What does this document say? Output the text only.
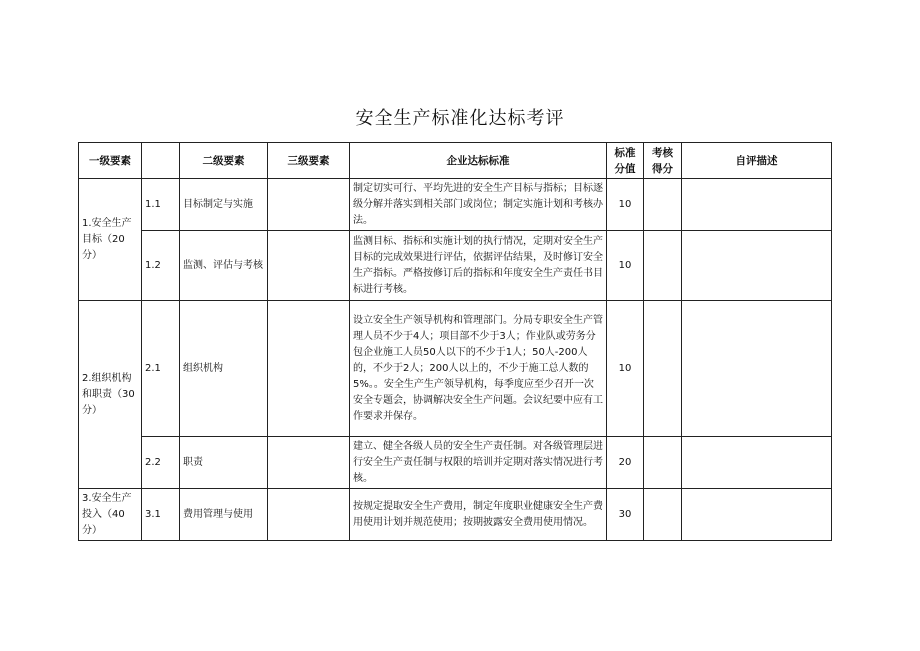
安全生产标准化达标考评
一级要素		二级要素	三级要素	企业达标标准	标准分值	考核得分	自评描述
1.安全生产目标（20分）	1.1	目标制定与实施		制定切实可行、平均先进的安全生产目标与指标；目标逐级分解并落实到相关部门或岗位；制定实施计划和考核办法。	10		
	1.2	监测、评估与考核		监测目标、指标和实施计划的执行情况，定期对安全生产目标的完成效果进行评估，依据评估结果，及时修订安全生产指标。严格按修订后的指标和年度安全生产责任书目标进行考核。	10		
2.组织机构和职责（30分）	2.1	组织机构		设立安全生产领导机构和管理部门。分局专职安全生产管理人员不少于4人；项目部不少于3人；作业队或劳务分包企业施工人员50人以下的不少于1人；50人-200人的，不少于2人；200人以上的，不少于施工总人数的5%。。安全生产生产领导机构，每季度应至少召开一次安全专题会，协调解决安全生产问题。会议纪要中应有工作要求并保存。	10		
	2.2	职责		建立、健全各级人员的安全生产责任制。对各级管理层进行安全生产责任制与权限的培训并定期对落实情况进行考核。	20		
3.安全生产投入（40分）	3.1	费用管理与使用		按规定提取安全生产费用，制定年度职业健康安全生产费用使用计划并规范使用；按期披露安全费用使用情况。	30		
